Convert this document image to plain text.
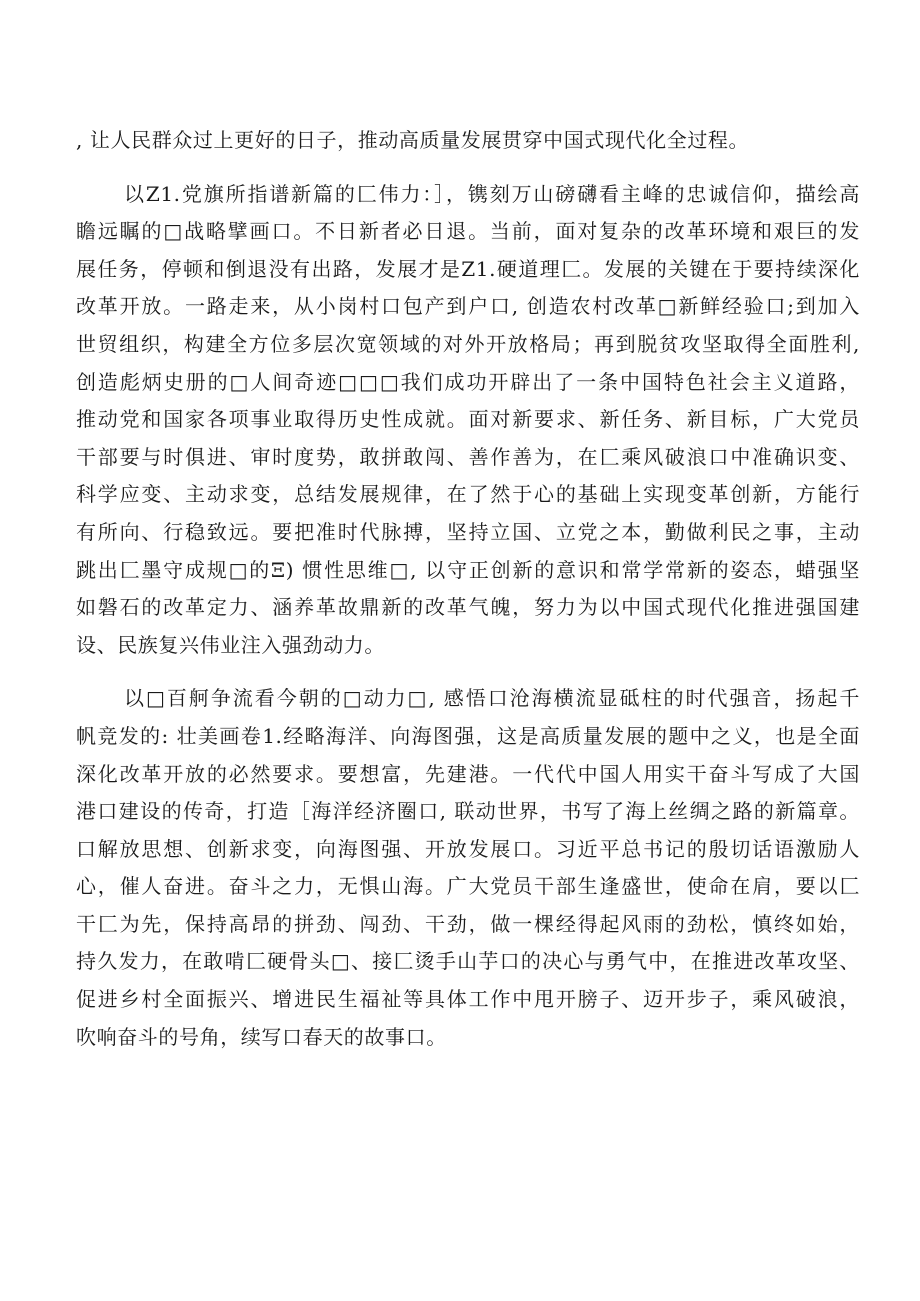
, 让人民群众过上更好的日子，推动高质量发展贯穿中国式现代化全过程。
以Z1.党旗所指谱新篇的匚伟力：］，镌刻万山磅礴看主峰的忠诚信仰，描绘高
瞻远瞩的□战略擘画口。不日新者必日退。当前，面对复杂的改革环境和艰巨的发
展任务，停顿和倒退没有出路，发展才是Z1.硬道理匚。发展的关键在于要持续深化
改革开放。一路走来，从小岗村口包产到户口, 创造农村改革□新鲜经验口;到加入
世贸组织，构建全方位多层次宽领域的对外开放格局；再到脱贫攻坚取得全面胜利,
创造彪炳史册的□人间奇迹□□□我们成功开辟出了一条中国特色社会主义道路，
推动党和国家各项事业取得历史性成就。面对新要求、新任务、新目标，广大党员
干部要与时俱进、审时度势，敢拼敢闯、善作善为，在匚乘风破浪口中准确识变、
科学应变、主动求变，总结发展规律，在了然于心的基础上实现变革创新，方能行
有所向、行稳致远。要把准时代脉搏，坚持立国、立党之本，勤做利民之事，主动
跳出匚墨守成规□的Ξ) 惯性思维□, 以守正创新的意识和常学常新的姿态，蜡强坚
如磐石的改革定力、涵养革故鼎新的改革气魄，努力为以中国式现代化推进强国建
设、民族复兴伟业注入强劲动力。
以□百舸争流看今朝的□动力□, 感悟口沧海横流显砥柱的时代强音，扬起千
帆竞发的: 壮美画卷1.经略海洋、向海图强，这是高质量发展的题中之义，也是全面
深化改革开放的必然要求。要想富，先建港。一代代中国人用实干奋斗写成了大国
港口建设的传奇，打造［海洋经济圈口, 联动世界，书写了海上丝绸之路的新篇章。
口解放思想、创新求变，向海图强、开放发展口。习近平总书记的殷切话语激励人
心，催人奋进。奋斗之力，无惧山海。广大党员干部生逢盛世，使命在肩，要以匚
干匚为先，保持高昂的拼劲、闯劲、干劲，做一棵经得起风雨的劲松，慎终如始，
持久发力，在敢啃匚硬骨头□、接匚烫手山芋口的决心与勇气中，在推进改革攻坚、
促进乡村全面振兴、增进民生福祉等具体工作中甩开膀子、迈开步子，乘风破浪，
吹响奋斗的号角，续写口春天的故事口。
